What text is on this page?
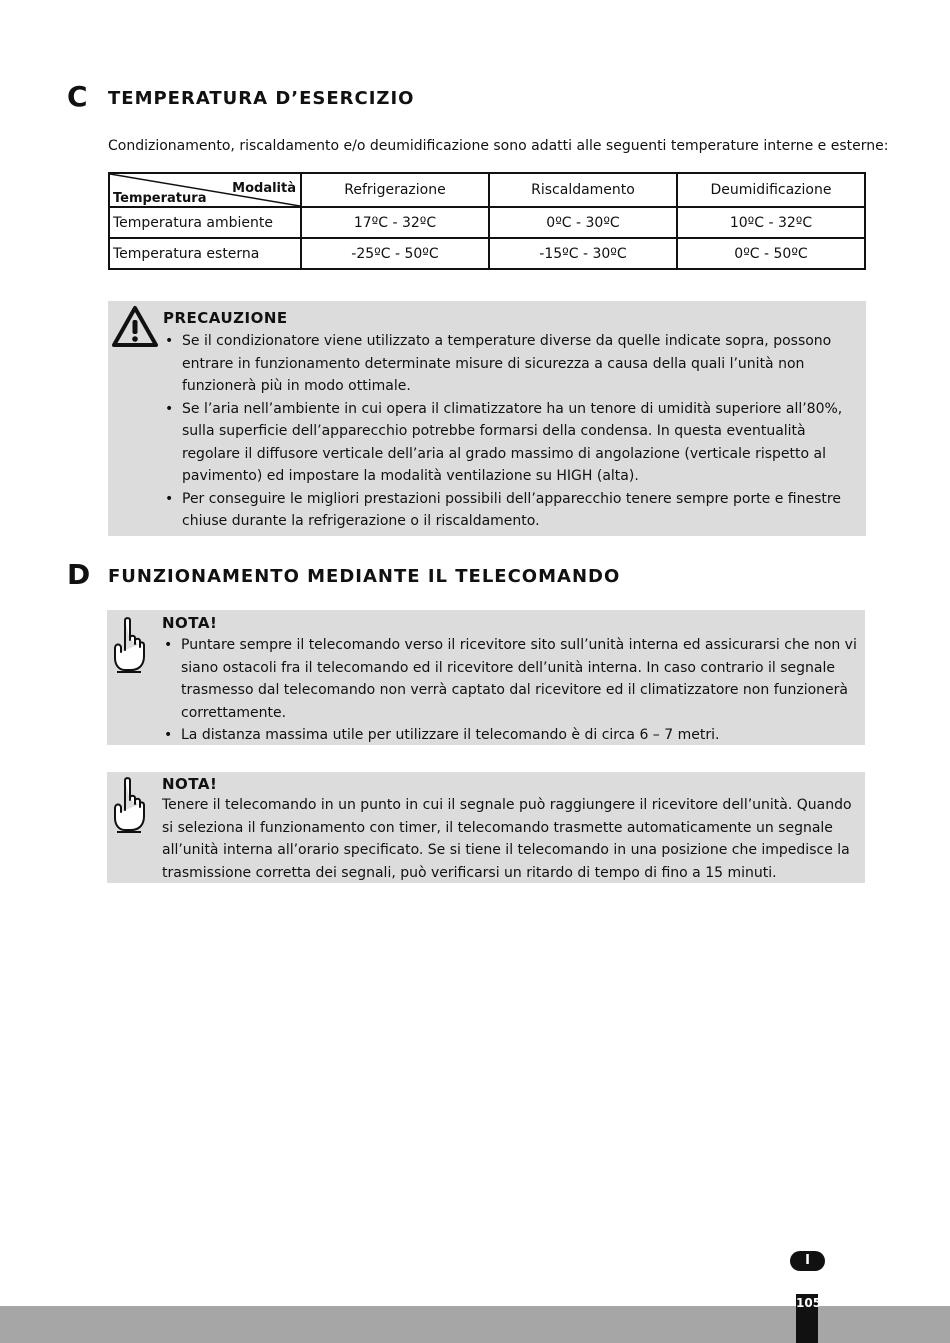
C TEMPERATURA D’ESERCIZIO
Condizionamento, riscaldamento e/o deumidificazione sono adatti alle seguenti temperature interne e esterne:
Modalità
Temperatura	Refrigerazione	Riscaldamento	Deumidificazione
Temperatura ambiente	17ºC - 32ºC	0ºC - 30ºC	10ºC - 32ºC
Temperatura esterna	-25ºC - 50ºC	-15ºC - 30ºC	0ºC - 50ºC
PRECAUZIONE
• Se il condizionatore viene utilizzato a temperature diverse da quelle indicate sopra, possono entrare in funzionamento determinate misure di sicurezza a causa della quali l’unità non funzionerà più in modo ottimale.
• Se l’aria nell’ambiente in cui opera il climatizzatore ha un tenore di umidità superiore all’80%, sulla superficie dell’apparecchio potrebbe formarsi della condensa. In questa eventualità regolare il diffusore verticale dell’aria al grado massimo di angolazione (verticale rispetto al pavimento) ed impostare la modalità ventilazione su HIGH (alta).
• Per conseguire le migliori prestazioni possibili dell’apparecchio tenere sempre porte e finestre chiuse durante la refrigerazione o il riscaldamento.
D FUNZIONAMENTO MEDIANTE IL TELECOMANDO
NOTA!
• Puntare sempre il telecomando verso il ricevitore sito sull’unità interna ed assicurarsi che non vi siano ostacoli fra il telecomando ed il ricevitore dell’unità interna. In caso contrario il segnale trasmesso dal telecomando non verrà captato dal ricevitore ed il climatizzatore non funzionerà correttamente.
• La distanza massima utile per utilizzare il telecomando è di circa 6 – 7 metri.
NOTA!

Tenere il telecomando in un punto in cui il segnale può raggiungere il ricevitore dell’unità. Quando si seleziona il funzionamento con timer, il telecomando trasmette automaticamente un segnale all’unità interna all’orario specificato. Se si tiene il telecomando in una posizione che impedisce la trasmissione corretta dei segnali, può verificarsi un ritardo di tempo di fino a 15 minuti.

I
105
